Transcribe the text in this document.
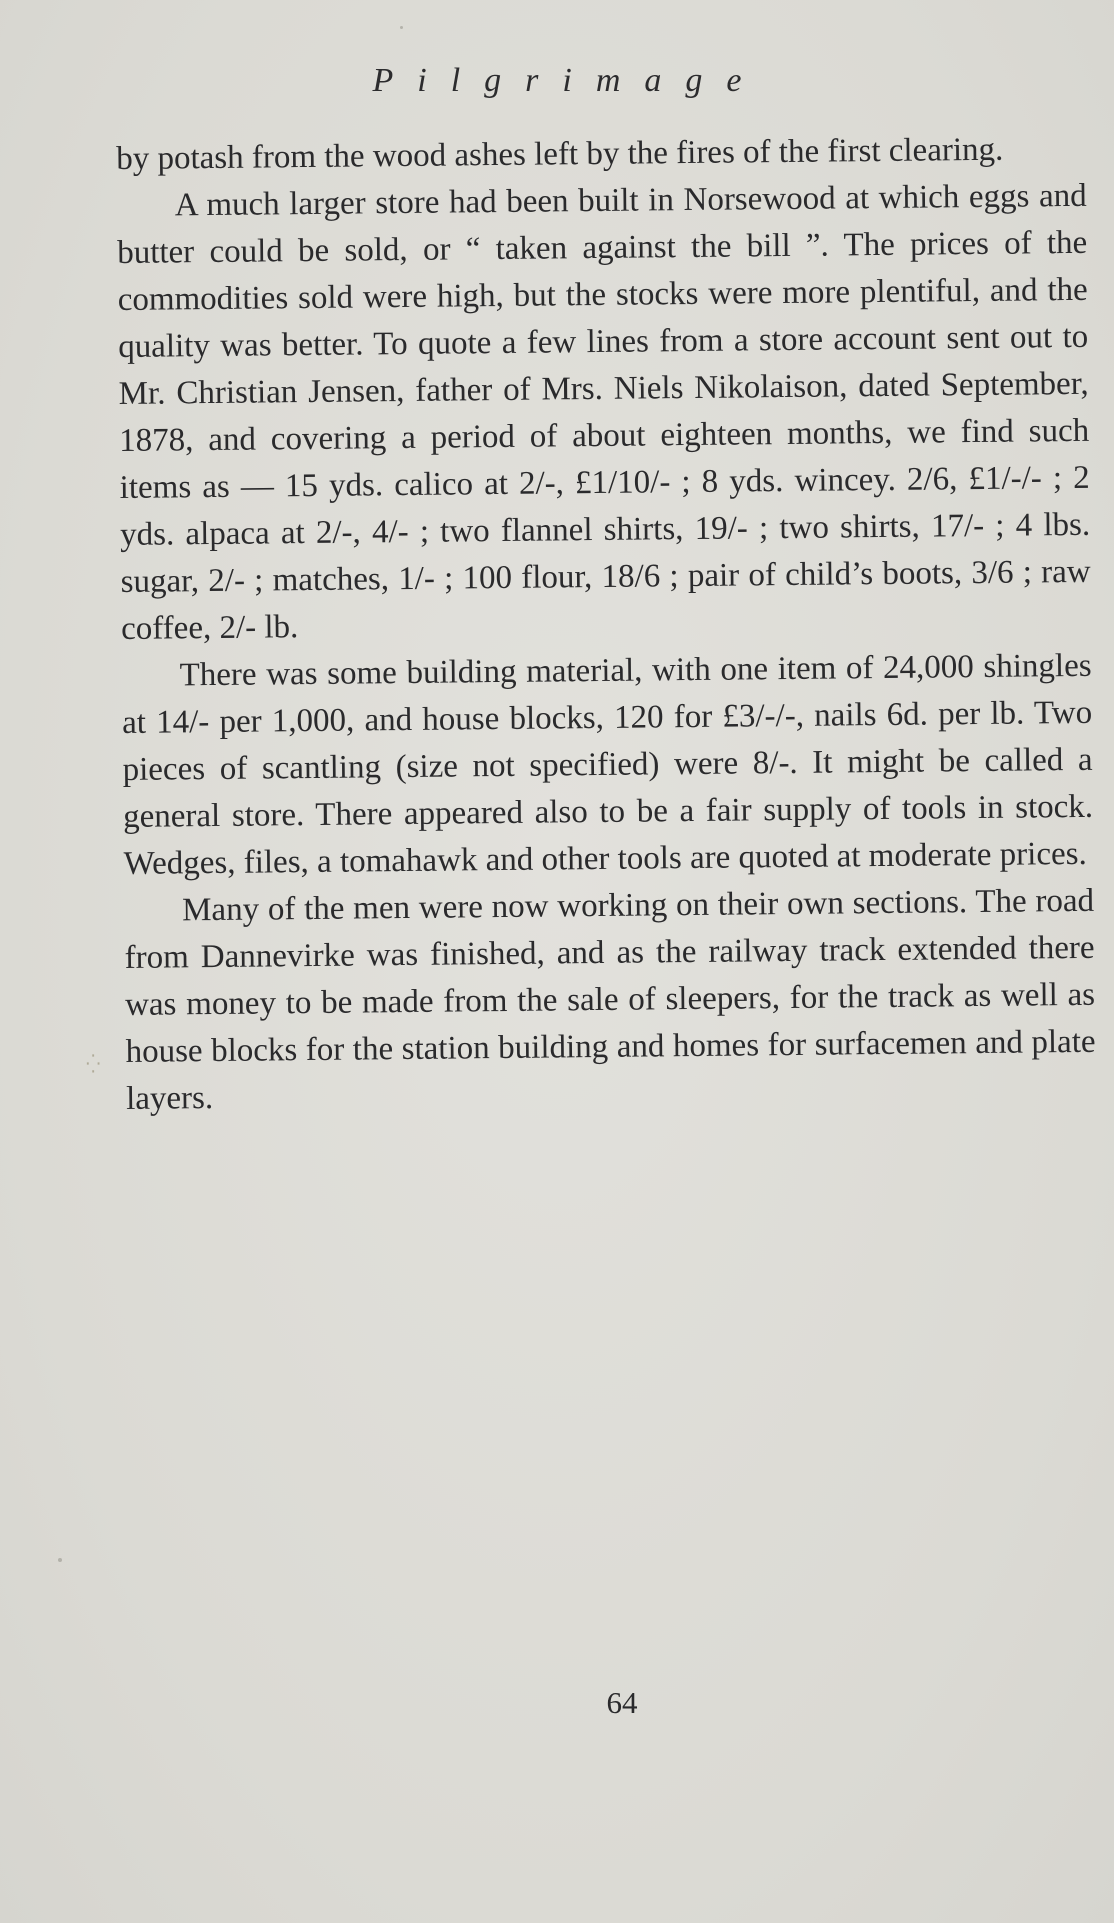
Pilgrimage

by potash from the wood ashes left by the fires of the first clearing.

A much larger store had been built in Norsewood at which eggs and butter could be sold, or “ taken against the bill ”. The prices of the commodities sold were high, but the stocks were more plentiful, and the quality was better. To quote a few lines from a store account sent out to Mr. Christian Jensen, father of Mrs. Niels Nikolaison, dated September, 1878, and covering a period of about eighteen months, we find such items as — 15 yds. calico at 2/-, £1/10/- ; 8 yds. wincey. 2/6, £1/-/- ; 2 yds. alpaca at 2/-, 4/- ; two flannel shirts, 19/- ; two shirts, 17/- ; 4 lbs. sugar, 2/- ; matches, 1/- ; 100 flour, 18/6 ; pair of child’s boots, 3/6 ; raw coffee, 2/- lb.

There was some building material, with one item of 24,000 shingles at 14/- per 1,000, and house blocks, 120 for £3/-/-, nails 6d. per lb. Two pieces of scantling (size not specified) were 8/-. It might be called a general store. There appeared also to be a fair supply of tools in stock. Wedges, files, a tomahawk and other tools are quoted at moderate prices.

Many of the men were now working on their own sections. The road from Dannevirke was finished, and as the railway track extended there was money to be made from the sale of sleepers, for the track as well as house blocks for the station building and homes for surfacemen and plate layers.

⁛
64
